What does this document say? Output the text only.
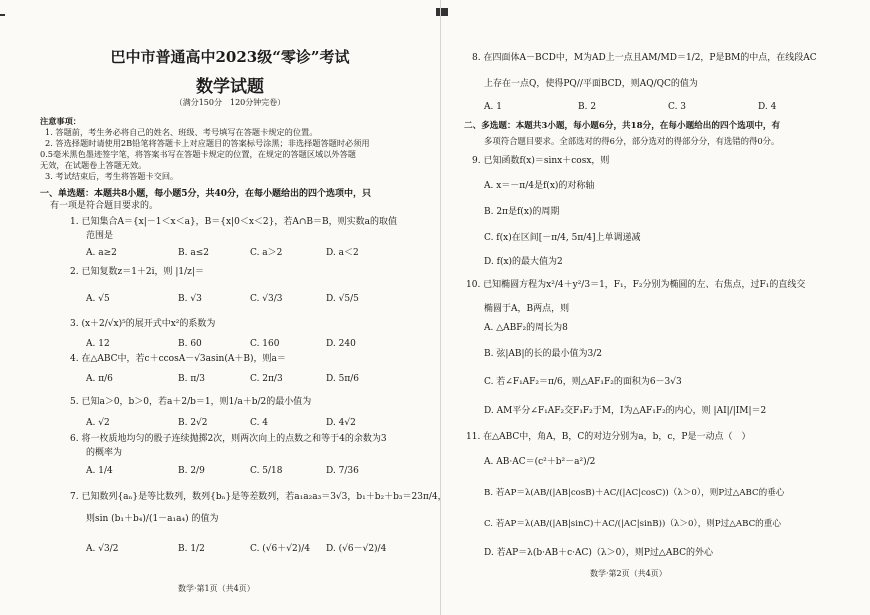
巴中市普通高中2023级“零诊”考试
数学试题
（满分150分　120分钟完卷）
注意事项：
1. 答题前，考生务必将自己的姓名、班级、考号填写在答题卡规定的位置。
2. 答选择题时请使用2B铅笔将答题卡上对应题目的答案标号涂黑；非选择题答题时必须用
0.5毫米黑色墨迹签字笔，将答案书写在答题卡规定的位置，在规定的答题区域以外答题
无效，在试题卷上答题无效。
3. 考试结束后，考生将答题卡交回。
一、单选题：本题共8小题，每小题5分，共40分，在每小题给出的四个选项中，只
有一项是符合题目要求的。
1. 已知集合A＝{x|－1＜x＜a}，B＝{x|0＜x＜2}，若A∩B＝B，则实数a的取值
范围是
A. a≥2	B. a≤2	C. a＞2	D. a＜2
2. 已知复数z＝1＋2i，则 |1/z|＝
A. √5	B. √3	C. √3/3	D. √5/5
3. (x＋2/√x)⁵的展开式中x²的系数为
A. 12	B. 60	C. 160	D. 240
4. 在△ABC中，若c＋ccosA－√3asin(A＋B)，则a＝
A. π/6	B. π/3	C. 2π/3	D. 5π/6
5. 已知a＞0，b＞0，若a＋2/b＝1，则1/a＋b/2的最小值为
A. √2	B. 2√2	C. 4	D. 4√2
6. 将一枚质地均匀的骰子连续抛掷2次，则两次向上的点数之和等于4的余数为3
的概率为
A. 1/4	B. 2/9	C. 5/18	D. 7/36
7. 已知数列{aₙ}是等比数列，数列{bₙ}是等差数列，若a₁a₂a₃＝3√3，b₁＋b₂＋b₃＝23π/4，
则sin (b₁＋b₄)/(1－a₁a₄) 的值为
A. √3/2	B. 1/2	C. (√6＋√2)/4 D. (√6－√2)/4
数学·第1页（共4页）
8. 在四面体A－BCD中，M为AD上一点且AM/MD＝1/2，P是BM的中点，在线段AC
上存在一点Q，使得PQ//平面BCD，则AQ/QC的值为
A. 1	B. 2	C. 3	D. 4
二、多选题：本题共3小题，每小题6分，共18分，在每小题给出的四个选项中，有
多项符合题目要求。全部选对的得6分，部分选对的得部分分，有选错的得0分。
9. 已知函数f(x)＝sinx＋cosx，则
A. x＝－π/4是f(x)的对称轴
B. 2π是f(x)的周期
C. f(x)在区间[－π/4, 5π/4]上单调递减
D. f(x)的最大值为2
10. 已知椭圆方程为x²/4＋y²/3＝1，F₁，F₂分别为椭圆的左、右焦点，过F₁的直线交
椭圆于A，B两点，则
A. △ABF₂的周长为8
B. 弦|AB|的长的最小值为3/2
C. 若∠F₁AF₂＝π/6，则△AF₁F₂的面积为6－3√3
D. AM平分∠F₁AF₂交F₁F₂于M，I为△AF₁F₂的内心，则 |AI|/|IM|＝2
11. 在△ABC中，角A，B，C的对边分别为a，b，c，P是一动点（　）
A. AB·AC＝(c²＋b²－a²)/2
B. 若AP＝λ(AB/(|AB|cosB)＋AC/(|AC|cosC))（λ＞0），则P过△ABC的垂心
C. 若AP＝λ(AB/(|AB|sinC)＋AC/(|AC|sinB))（λ＞0），则P过△ABC的重心
D. 若AP＝λ(b·AB＋c·AC)（λ＞0），则P过△ABC的外心
数学·第2页（共4页）
